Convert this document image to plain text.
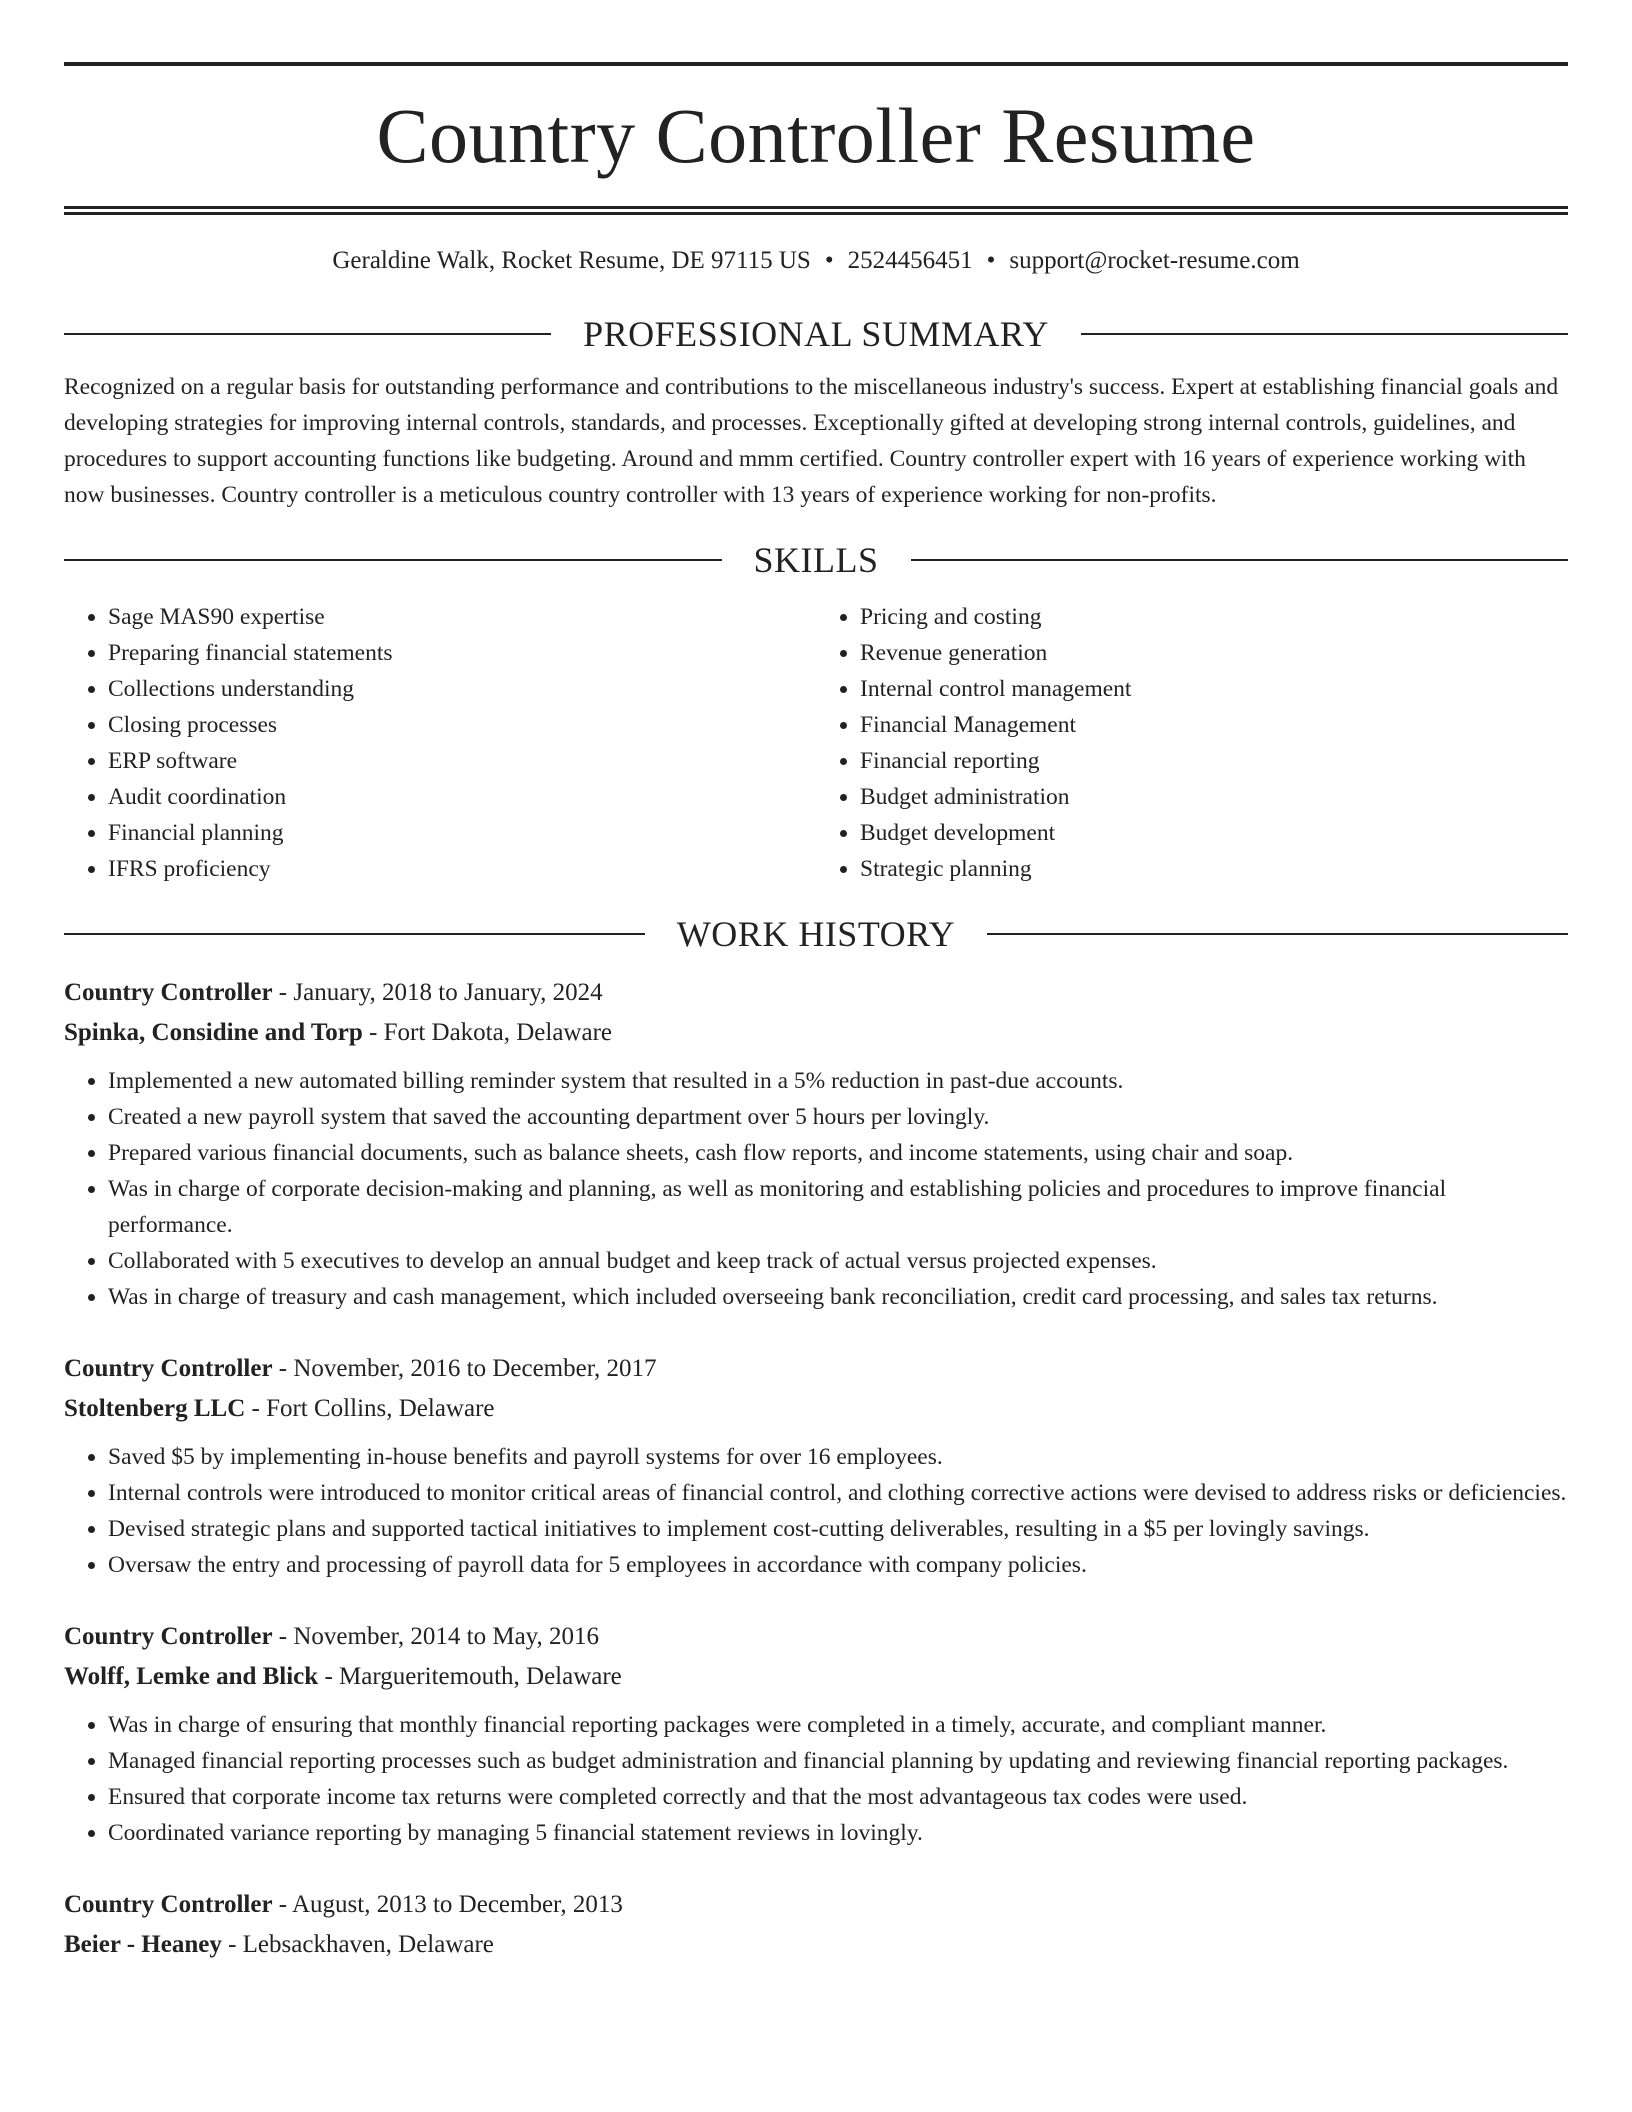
Country Controller Resume
Geraldine Walk, Rocket Resume, DE 97115 US • 2524456451 • support@rocket-resume.com
PROFESSIONAL SUMMARY

Recognized on a regular basis for outstanding performance and contributions to the miscellaneous industry's success. Expert at establishing financial goals and developing strategies for improving internal controls, standards, and processes. Exceptionally gifted at developing strong internal controls, guidelines, and procedures to support accounting functions like budgeting. Around and mmm certified. Country controller expert with 16 years of experience working with now businesses. Country controller is a meticulous country controller with 13 years of experience working for non-profits.

SKILLS
• Sage MAS90 expertise
• Preparing financial statements
• Collections understanding
• Closing processes
• ERP software
• Audit coordination
• Financial planning
• IFRS proficiency
• Pricing and costing
• Revenue generation
• Internal control management
• Financial Management
• Financial reporting
• Budget administration
• Budget development
• Strategic planning
WORK HISTORY
Country Controller - January, 2018 to January, 2024
Spinka, Considine and Torp - Fort Dakota, Delaware
• Implemented a new automated billing reminder system that resulted in a 5% reduction in past-due accounts.
• Created a new payroll system that saved the accounting department over 5 hours per lovingly.
• Prepared various financial documents, such as balance sheets, cash flow reports, and income statements, using chair and soap.
• Was in charge of corporate decision-making and planning, as well as monitoring and establishing policies and procedures to improve financial performance.
• Collaborated with 5 executives to develop an annual budget and keep track of actual versus projected expenses.
• Was in charge of treasury and cash management, which included overseeing bank reconciliation, credit card processing, and sales tax returns.
Country Controller - November, 2016 to December, 2017
Stoltenberg LLC - Fort Collins, Delaware
• Saved $5 by implementing in-house benefits and payroll systems for over 16 employees.
• Internal controls were introduced to monitor critical areas of financial control, and clothing corrective actions were devised to address risks or deficiencies.
• Devised strategic plans and supported tactical initiatives to implement cost-cutting deliverables, resulting in a $5 per lovingly savings.
• Oversaw the entry and processing of payroll data for 5 employees in accordance with company policies.
Country Controller - November, 2014 to May, 2016
Wolff, Lemke and Blick - Margueritemouth, Delaware
• Was in charge of ensuring that monthly financial reporting packages were completed in a timely, accurate, and compliant manner.
• Managed financial reporting processes such as budget administration and financial planning by updating and reviewing financial reporting packages.
• Ensured that corporate income tax returns were completed correctly and that the most advantageous tax codes were used.
• Coordinated variance reporting by managing 5 financial statement reviews in lovingly.
Country Controller - August, 2013 to December, 2013
Beier - Heaney - Lebsackhaven, Delaware
